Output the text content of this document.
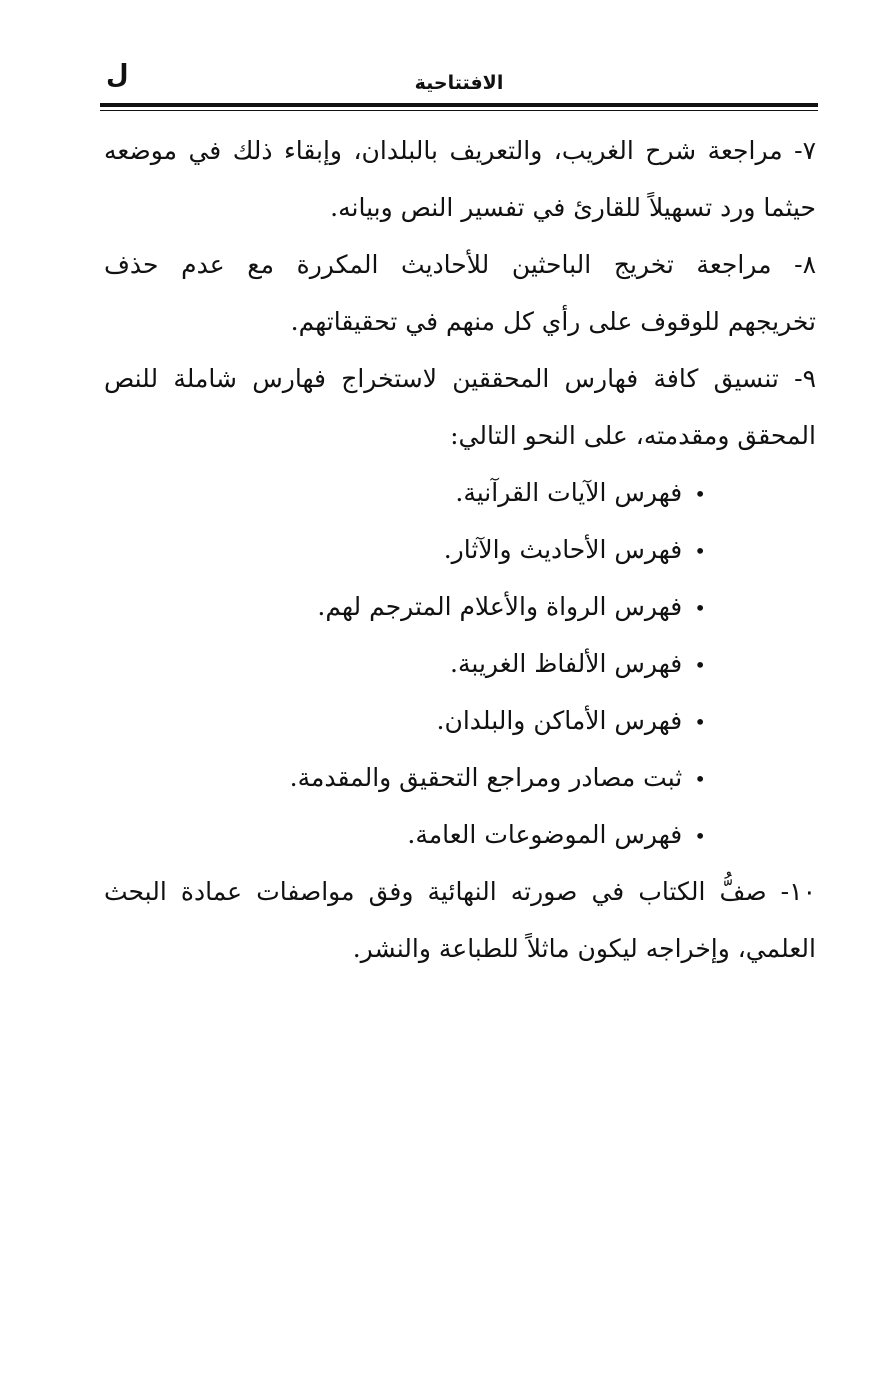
الافتتاحية
ل

٧- مراجعة شرح الغريب، والتعريف بالبلدان، وإبقاء ذلك في موضعه
حيثما ورد تسهيلاً للقارئ في تفسير النص وبيانه.

٨- مراجعة تخريج الباحثين للأحاديث المكررة مع عدم حذف
تخريجهم للوقوف على رأي كل منهم في تحقيقاتهم.

٩- تنسيق كافة فهارس المحققين لاستخراج فهارس شاملة للنص
المحقق ومقدمته، على النحو التالي:

•فهرس الآيات القرآنية.
•فهرس الأحاديث والآثار.
•فهرس الرواة والأعلام المترجم لهم.
•فهرس الألفاظ الغريبة.
•فهرس الأماكن والبلدان.
•ثبت مصادر ومراجع التحقيق والمقدمة.
•فهرس الموضوعات العامة.

١٠- صفُّ الكتاب في صورته النهائية وفق مواصفات عمادة البحث
العلمي، وإخراجه ليكون ماثلاً للطباعة والنشر.
